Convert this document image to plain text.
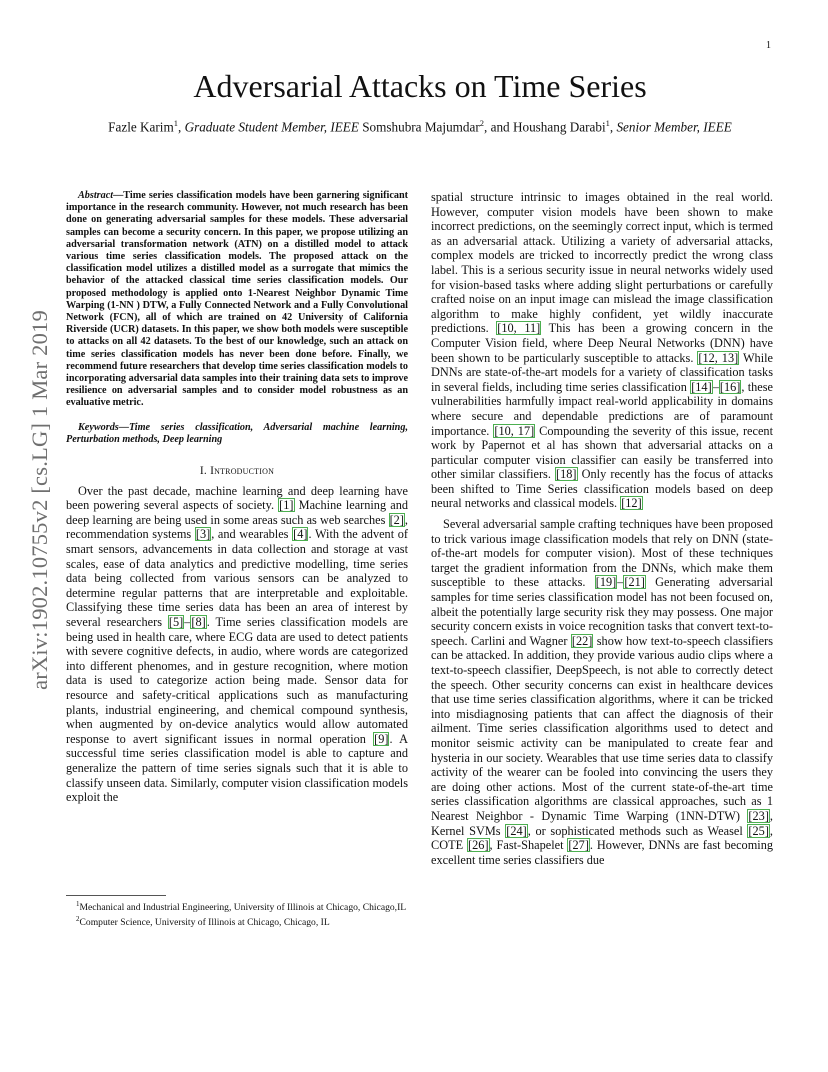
1
arXiv:1902.10755v2 [cs.LG] 1 Mar 2019
Adversarial Attacks on Time Series
Fazle Karim$^1$, Graduate Student Member, IEEE Somshubra Majumdar$^2$, and Houshang Darabi$^1$, Senior Member, IEEE

Abstract—Time series classification models have been garnering significant importance in the research community. However, not much research has been done on generating adversarial samples for these models. These adversarial samples can become a security concern. In this paper, we propose utilizing an adversarial transformation network (ATN) on a distilled model to attack various time series classification models. The proposed attack on the classification model utilizes a distilled model as a surrogate that mimics the behavior of the attacked classical time series classification models. Our proposed methodology is applied onto 1-Nearest Neighbor Dynamic Time Warping (1-NN ) DTW, a Fully Connected Network and a Fully Convolutional Network (FCN), all of which are trained on 42 University of California Riverside (UCR) datasets. In this paper, we show both models were susceptible to attacks on all 42 datasets. To the best of our knowledge, such an attack on time series classification models has never been done before. Finally, we recommend future researchers that develop time series classification models to incorporating adversarial data samples into their training data sets to improve resilience on adversarial samples and to consider model robustness as an evaluative metric.

Keywords—Time series classification, Adversarial machine learning, Perturbation methods, Deep learning

I. Introduction

Over the past decade, machine learning and deep learning have been powering several aspects of society. [1] Machine learning and deep learning are being used in some areas such as web searches [2], recommendation systems [3], and wearables [4]. With the advent of smart sensors, advancements in data collection and storage at vast scales, ease of data analytics and predictive modelling, time series data being collected from various sensors can be analyzed to determine regular patterns that are interpretable and exploitable. Classifying these time series data has been an area of interest by several researchers [5]–[8]. Time series classification models are being used in health care, where ECG data are used to detect patients with severe cognitive defects, in audio, where words are categorized into different phenomes, and in gesture recognition, where motion data is used to categorize action being made. Sensor data for resource and safety-critical applications such as manufacturing plants, industrial engineering, and chemical compound synthesis, when augmented by on-device analytics would allow automated response to avert significant issues in normal operation [9]. A successful time series classification model is able to capture and generalize the pattern of time series signals such that it is able to classify unseen data. Similarly, computer vision classification models exploit the

spatial structure intrinsic to images obtained in the real world. However, computer vision models have been shown to make incorrect predictions, on the seemingly correct input, which is termed as an adversarial attack. Utilizing a variety of adversarial attacks, complex models are tricked to incorrectly predict the wrong class label. This is a serious security issue in neural networks widely used for vision-based tasks where adding slight perturbations or carefully crafted noise on an input image can mislead the image classification algorithm to make highly confident, yet wildly inaccurate predictions. [10, 11] This has been a growing concern in the Computer Vision field, where Deep Neural Networks (DNN) have been shown to be particularly susceptible to attacks. [12, 13] While DNNs are state-of-the-art models for a variety of classification tasks in several fields, including time series classification [14]–[16], these vulnerabilities harmfully impact real-world applicability in domains where secure and dependable predictions are of paramount importance. [10, 17] Compounding the severity of this issue, recent work by Papernot et al has shown that adversarial attacks on a particular computer vision classifier can easily be transferred into other similar classifiers. [18] Only recently has the focus of attacks been shifted to Time Series classification models based on deep neural networks and classical models. [12]

Several adversarial sample crafting techniques have been proposed to trick various image classification models that rely on DNN (state-of-the-art models for computer vision). Most of these techniques target the gradient information from the DNNs, which make them susceptible to these attacks. [19]–[21] Generating adversarial samples for time series classification model has not been focused on, albeit the potentially large security risk they may possess. One major security concern exists in voice recognition tasks that convert text-to-speech. Carlini and Wagner [22] show how text-to-speech classifiers can be attacked. In addition, they provide various audio clips where a text-to-speech classifier, DeepSpeech, is not able to correctly detect the speech. Other security concerns can exist in healthcare devices that use time series classification algorithms, where it can be tricked into misdiagnosing patients that can affect the diagnosis of their ailment. Time series classification algorithms used to detect and monitor seismic activity can be manipulated to create fear and hysteria in our society. Wearables that use time series data to classify activity of the wearer can be fooled into convincing the users they are doing other actions. Most of the current state-of-the-art time series classification algorithms are classical approaches, such as 1 Nearest Neighbor - Dynamic Time Warping (1NN-DTW) [23], Kernel SVMs [24], or sophisticated methods such as Weasel [25], COTE [26], Fast-Shapelet [27]. However, DNNs are fast becoming excellent time series classifiers due

$^1$Mechanical and Industrial Engineering, University of Illinois at Chicago, Chicago,IL
$^2$Computer Science, University of Illinois at Chicago, Chicago, IL
